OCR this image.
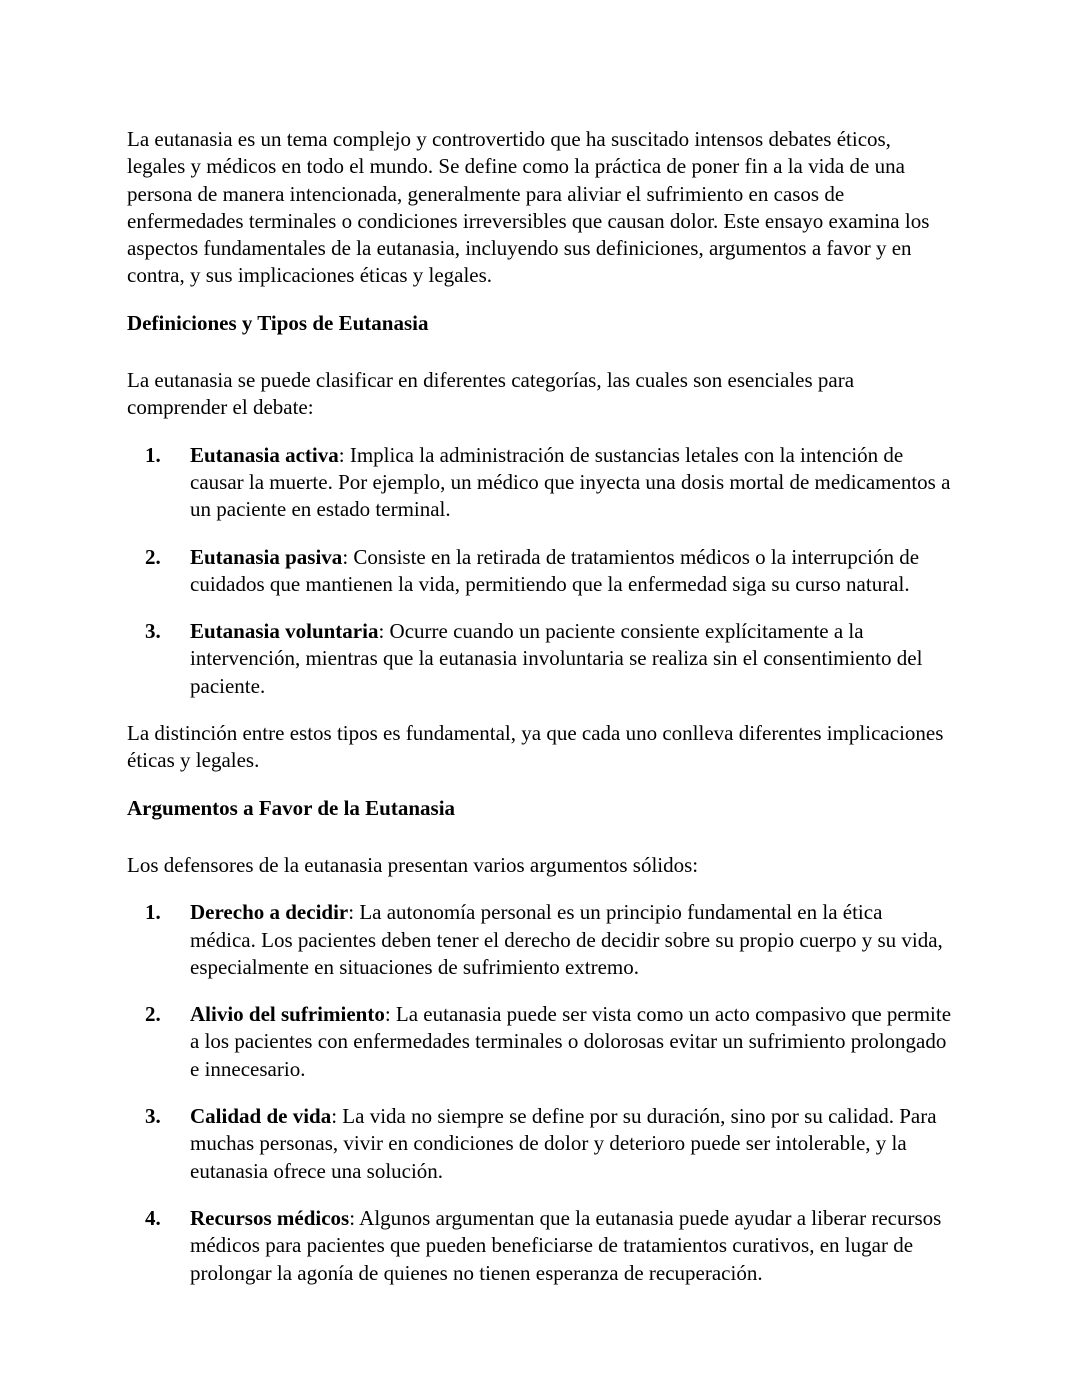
La eutanasia es un tema complejo y controvertido que ha suscitado intensos debates éticos, legales y médicos en todo el mundo. Se define como la práctica de poner fin a la vida de una persona de manera intencionada, generalmente para aliviar el sufrimiento en casos de enfermedades terminales o condiciones irreversibles que causan dolor. Este ensayo examina los aspectos fundamentales de la eutanasia, incluyendo sus definiciones, argumentos a favor y en contra, y sus implicaciones éticas y legales.

Definiciones y Tipos de Eutanasia

La eutanasia se puede clasificar en diferentes categorías, las cuales son esenciales para comprender el debate:

1.	Eutanasia activa: Implica la administración de sustancias letales con la intención de causar la muerte. Por ejemplo, un médico que inyecta una dosis mortal de medicamentos a un paciente en estado terminal.
2.	Eutanasia pasiva: Consiste en la retirada de tratamientos médicos o la interrupción de cuidados que mantienen la vida, permitiendo que la enfermedad siga su curso natural.
3.	Eutanasia voluntaria: Ocurre cuando un paciente consiente explícitamente a la intervención, mientras que la eutanasia involuntaria se realiza sin el consentimiento del paciente.

La distinción entre estos tipos es fundamental, ya que cada uno conlleva diferentes implicaciones éticas y legales.

Argumentos a Favor de la Eutanasia

Los defensores de la eutanasia presentan varios argumentos sólidos:

1.	Derecho a decidir: La autonomía personal es un principio fundamental en la ética médica. Los pacientes deben tener el derecho de decidir sobre su propio cuerpo y su vida, especialmente en situaciones de sufrimiento extremo.
2.	Alivio del sufrimiento: La eutanasia puede ser vista como un acto compasivo que permite a los pacientes con enfermedades terminales o dolorosas evitar un sufrimiento prolongado e innecesario.
3.	Calidad de vida: La vida no siempre se define por su duración, sino por su calidad. Para muchas personas, vivir en condiciones de dolor y deterioro puede ser intolerable, y la eutanasia ofrece una solución.
4.	Recursos médicos: Algunos argumentan que la eutanasia puede ayudar a liberar recursos médicos para pacientes que pueden beneficiarse de tratamientos curativos, en lugar de prolongar la agonía de quienes no tienen esperanza de recuperación.
